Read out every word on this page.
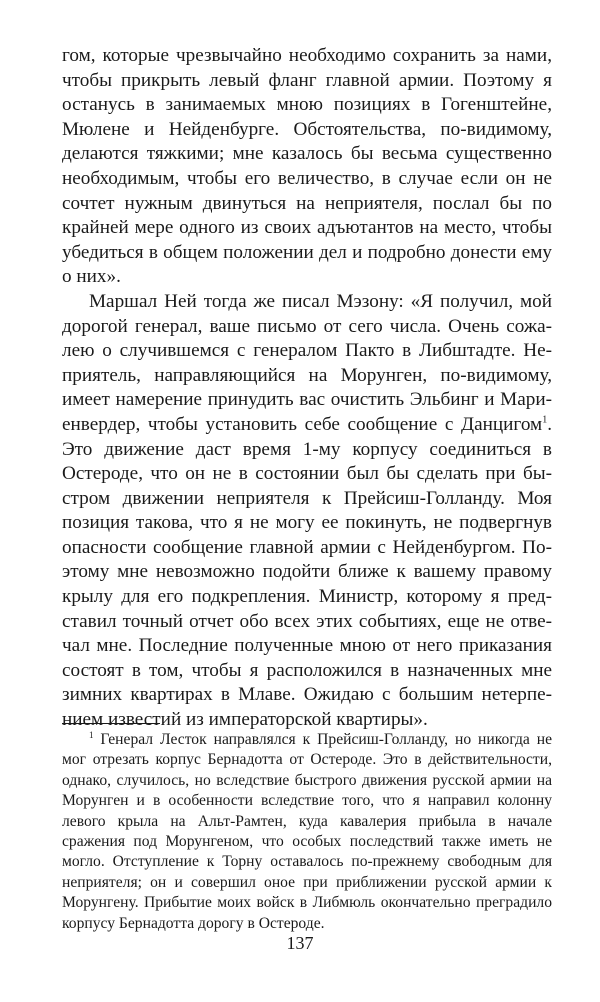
гом, которые чрезвычайно необходимо сохранить за нами, чтобы прикрыть левый фланг главной армии. Поэтому я останусь в занимаемых мною позициях в Гогенштейне, Мюлене и Нейденбурге. Обстоятельства, по-видимому, делаются тяжкими; мне казалось бы весьма существенно необходимым, чтобы его величество, в случае если он не сочтет нужным двинуться на неприятеля, послал бы по крайней мере одного из своих адъютантов на место, чтобы убедиться в общем положении дел и подробно донести ему о них».

Маршал Ней тогда же писал Мэзону: «Я получил, мой дорогой генерал, ваше письмо от сего числа. Очень сожалею о случившемся с генералом Пакто в Либштадте. Неприятель, направляющийся на Морунген, по-видимому, имеет намерение принудить вас очистить Эльбинг и Мариенвердер, чтобы установить себе сообщение с Данцигом$^1$. Это движение даст время 1-му корпусу соединиться в Остероде, что он не в состоянии был бы сделать при быстром движении неприятеля к Прейсиш-Голланду. Моя позиция такова, что я не могу ее покинуть, не подвергнув опасности сообщение главной армии с Нейденбургом. Поэтому мне невозможно подойти ближе к вашему правому крылу для его подкрепления. Министр, которому я представил точный отчет обо всех этих событиях, еще не отвечал мне. Последние полученные мною от него приказания состоят в том, чтобы я расположился в назначенных мне зимних квартирах в Млаве. Ожидаю с большим нетерпением известий из императорской квартиры».

$^1$ Генерал Лесток направлялся к Прейсиш-Голланду, но никогда не мог отрезать корпус Бернадотта от Остероде. Это в действительности, однако, случилось, но вследствие быстрого движения русской армии на Морунген и в особенности вследствие того, что я направил колонну левого крыла на Альт-Рамтен, куда кавалерия прибыла в начале сражения под Морунгеном, что особых последствий также иметь не могло. Отступление к Торну оставалось по-прежнему свободным для неприятеля; он и совершил оное при приближении русской армии к Морунгену. Прибытие моих войск в Либмюль окончательно преградило корпусу Бернадотта дорогу в Остероде.

137
